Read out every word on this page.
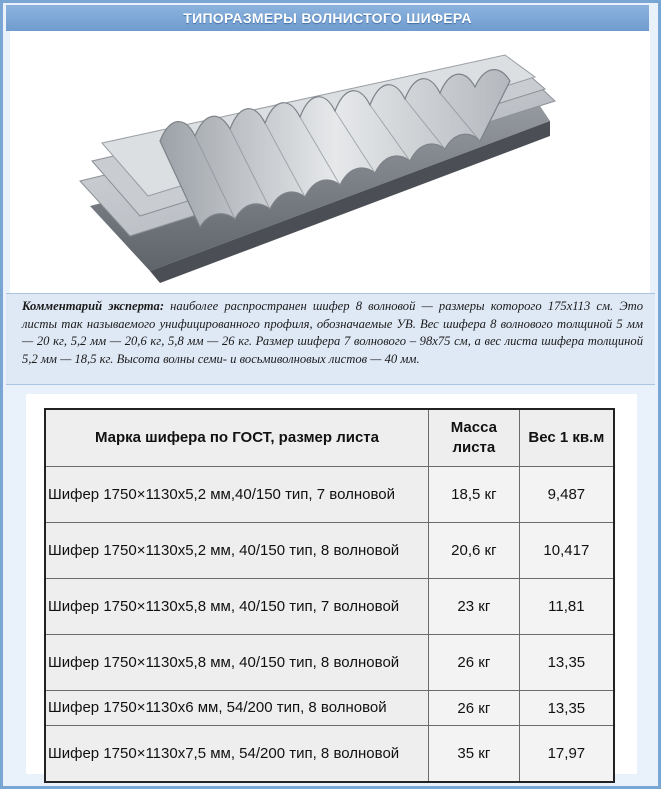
ТИПОРАЗМЕРЫ ВОЛНИСТОГО ШИФЕРА
Комментарий эксперта: наиболее распространен шифер 8 волновой — размеры которого 175х113 см. Это листы так называемого унифицированного профиля, обозначаемые УВ. Вес шифера 8 волнового толщиной 5 мм — 20 кг, 5,2 мм — 20,6 кг, 5,8 мм — 26 кг. Размер шифера 7 волнового – 98х75 см, а вес листа шифера толщиной 5,2 мм — 18,5 кг. Высота волны семи- и восьмиволновых листов — 40 мм.
Марка шифера по ГОСТ, размер листа	Масса листа	Вес 1 кв.м
Шифер 1750×1130х5,2 мм,40/150 тип, 7 волновой	18,5 кг	9,487
Шифер 1750×1130х5,2 мм, 40/150 тип, 8 волновой	20,6 кг	10,417
Шифер 1750×1130х5,8 мм, 40/150 тип, 7 волновой	23 кг	11,81
Шифер 1750×1130х5,8 мм, 40/150 тип, 8 волновой	26 кг	13,35
Шифер 1750×1130х6 мм, 54/200 тип, 8 волновой	26 кг	13,35
Шифер 1750×1130х7,5 мм, 54/200 тип, 8 волновой	35 кг	17,97
